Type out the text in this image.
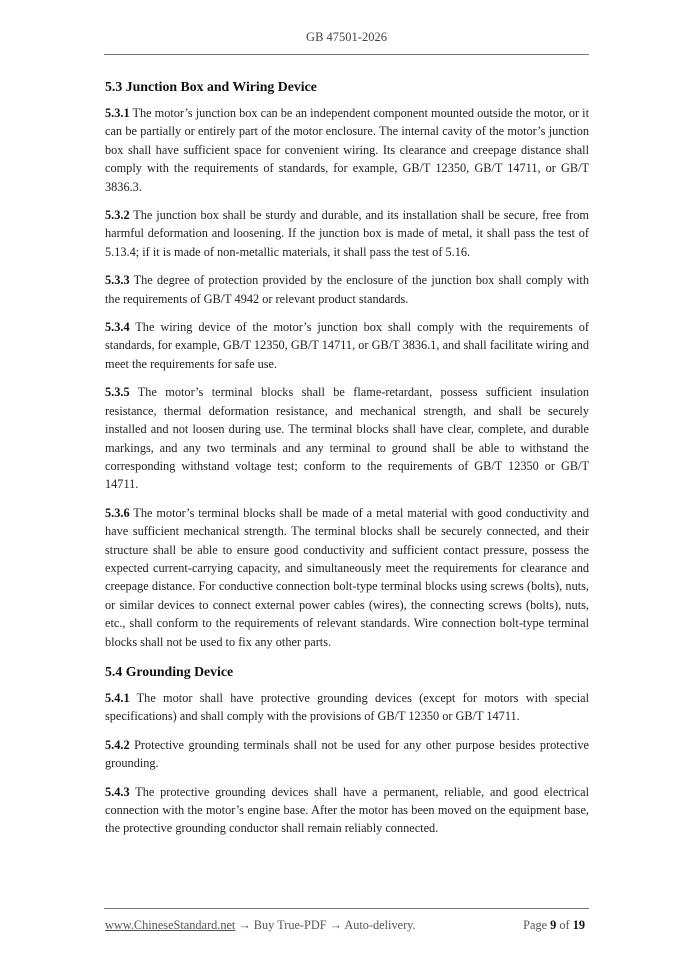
GB 47501-2026
5.3 Junction Box and Wiring Device

5.3.1 The motor’s junction box can be an independent component mounted outside the motor, or it can be partially or entirely part of the motor enclosure. The internal cavity of the motor’s junction box shall have sufficient space for convenient wiring. Its clearance and creepage distance shall comply with the requirements of standards, for example, GB/T 12350, GB/T 14711, or GB/T 3836.3.

5.3.2 The junction box shall be sturdy and durable, and its installation shall be secure, free from harmful deformation and loosening. If the junction box is made of metal, it shall pass the test of 5.13.4; if it is made of non-metallic materials, it shall pass the test of 5.16.

5.3.3 The degree of protection provided by the enclosure of the junction box shall comply with the requirements of GB/T 4942 or relevant product standards.

5.3.4 The wiring device of the motor’s junction box shall comply with the requirements of standards, for example, GB/T 12350, GB/T 14711, or GB/T 3836.1, and shall facilitate wiring and meet the requirements for safe use.

5.3.5 The motor’s terminal blocks shall be flame-retardant, possess sufficient insulation resistance, thermal deformation resistance, and mechanical strength, and shall be securely installed and not loosen during use. The terminal blocks shall have clear, complete, and durable markings, and any two terminals and any terminal to ground shall be able to withstand the corresponding withstand voltage test; conform to the requirements of GB/T 12350 or GB/T 14711.

5.3.6 The motor’s terminal blocks shall be made of a metal material with good conductivity and have sufficient mechanical strength. The terminal blocks shall be securely connected, and their structure shall be able to ensure good conductivity and sufficient contact pressure, possess the expected current-carrying capacity, and simultaneously meet the requirements for clearance and creepage distance. For conductive connection bolt-type terminal blocks using screws (bolts), nuts, or similar devices to connect external power cables (wires), the connecting screws (bolts), nuts, etc., shall conform to the requirements of relevant standards. Wire connection bolt-type terminal blocks shall not be used to fix any other parts.

5.4 Grounding Device

5.4.1 The motor shall have protective grounding devices (except for motors with special specifications) and shall comply with the provisions of GB/T 12350 or GB/T 14711.

5.4.2 Protective grounding terminals shall not be used for any other purpose besides protective grounding.

5.4.3 The protective grounding devices shall have a permanent, reliable, and good electrical connection with the motor’s engine base. After the motor has been moved on the equipment base, the protective grounding conductor shall remain reliably connected.

www.ChineseStandard.net → Buy True-PDF → Auto-delivery.	Page 9 of 19
